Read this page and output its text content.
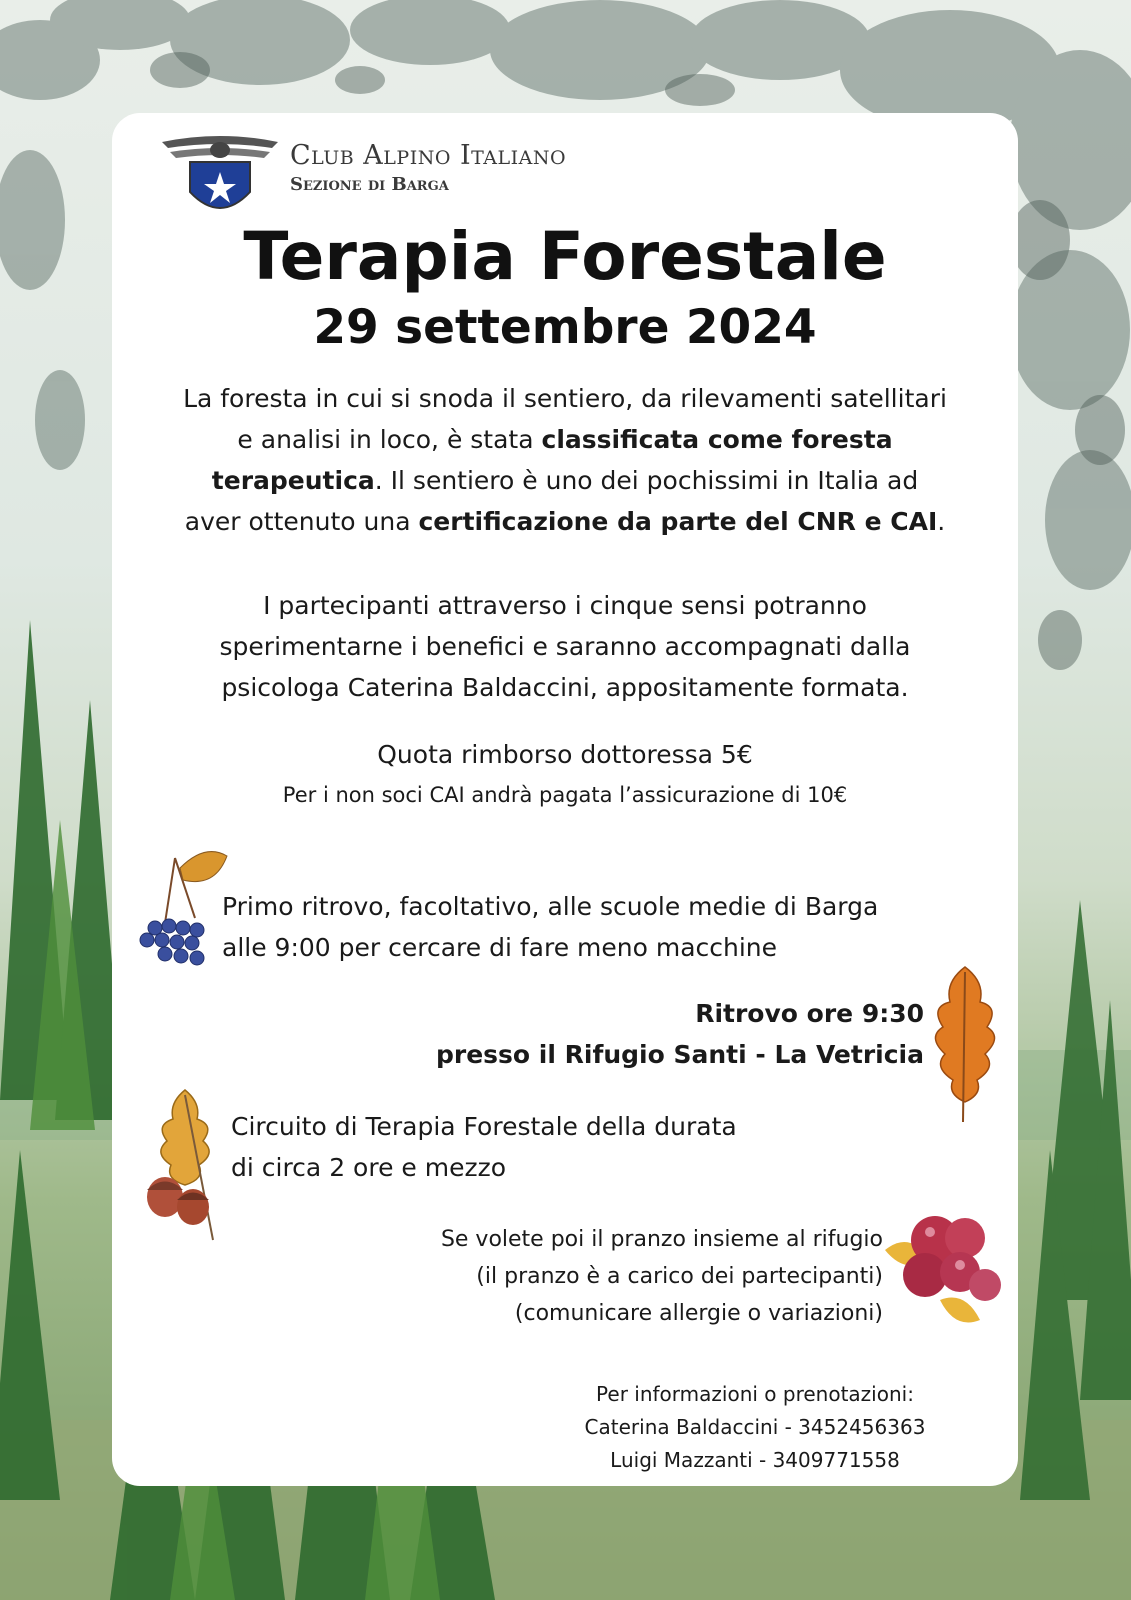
Club Alpino Italiano
Sezione di Barga
Terapia Forestale
29 settembre 2024
La foresta in cui si snoda il sentiero, da rilevamenti satellitari
e analisi in loco, è stata classificata come foresta
terapeutica. Il sentiero è uno dei pochissimi in Italia ad
aver ottenuto una certificazione da parte del CNR e CAI.
I partecipanti attraverso i cinque sensi potranno
sperimentarne i benefici e saranno accompagnati dalla
psicologa Caterina Baldaccini, appositamente formata.
Quota rimborso dottoressa 5€
Per i non soci CAI andrà pagata l’assicurazione di 10€
Primo ritrovo, facoltativo, alle scuole medie di Barga
alle 9:00 per cercare di fare meno macchine
Ritrovo ore 9:30
presso il Rifugio Santi - La Vetricia
Circuito di Terapia Forestale della durata
di circa 2 ore e mezzo
Se volete poi il pranzo insieme al rifugio
(il pranzo è a carico dei partecipanti)
(comunicare allergie o variazioni)
Per informazioni o prenotazioni:
Caterina Baldaccini - 3452456363
Luigi Mazzanti - 3409771558
